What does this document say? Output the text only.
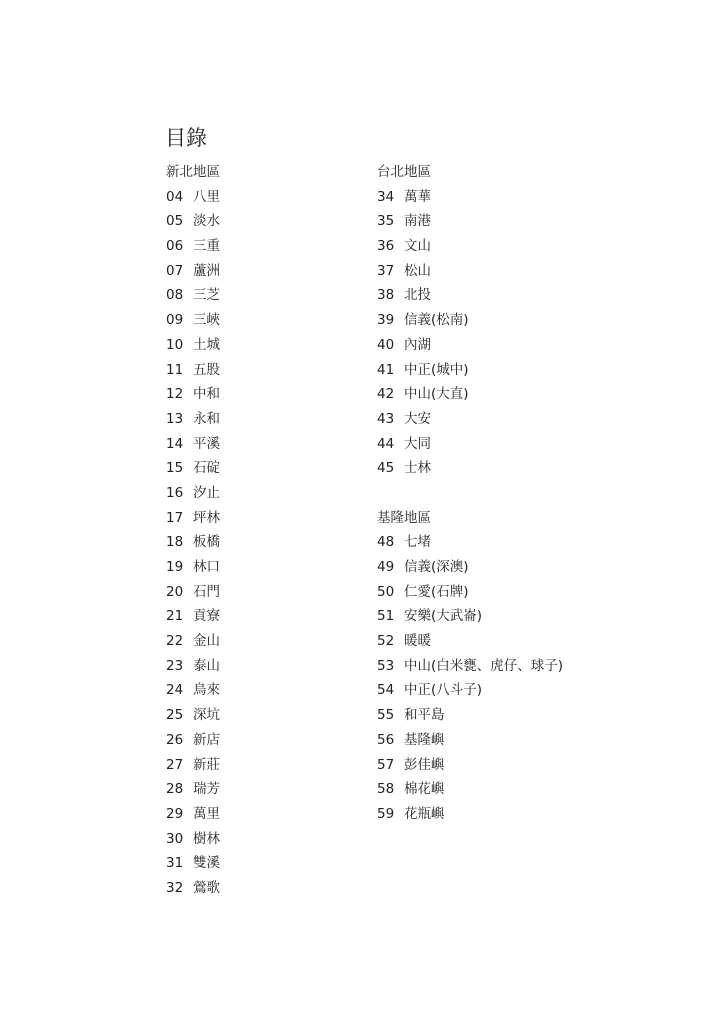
目錄
新北地區
04 八里
05 淡水
06 三重
07 蘆洲
08 三芝
09 三峽
10 土城
11 五股
12 中和
13 永和
14 平溪
15 石碇
16 汐止
17 坪林
18 板橋
19 林口
20 石門
21 貢寮
22 金山
23 泰山
24 烏來
25 深坑
26 新店
27 新莊
28 瑞芳
29 萬里
30 樹林
31 雙溪
32 鶯歌
台北地區
34 萬華
35 南港
36 文山
37 松山
38 北投
39 信義(松南)
40 內湖
41 中正(城中)
42 中山(大直)
43 大安
44 大同
45 士林
基隆地區
48 七堵
49 信義(深澳)
50 仁愛(石牌)
51 安樂(大武崙)
52 暖暖
53 中山(白米甕、虎仔、球子)
54 中正(八斗子)
55 和平島
56 基隆嶼
57 彭佳嶼
58 棉花嶼
59 花瓶嶼
